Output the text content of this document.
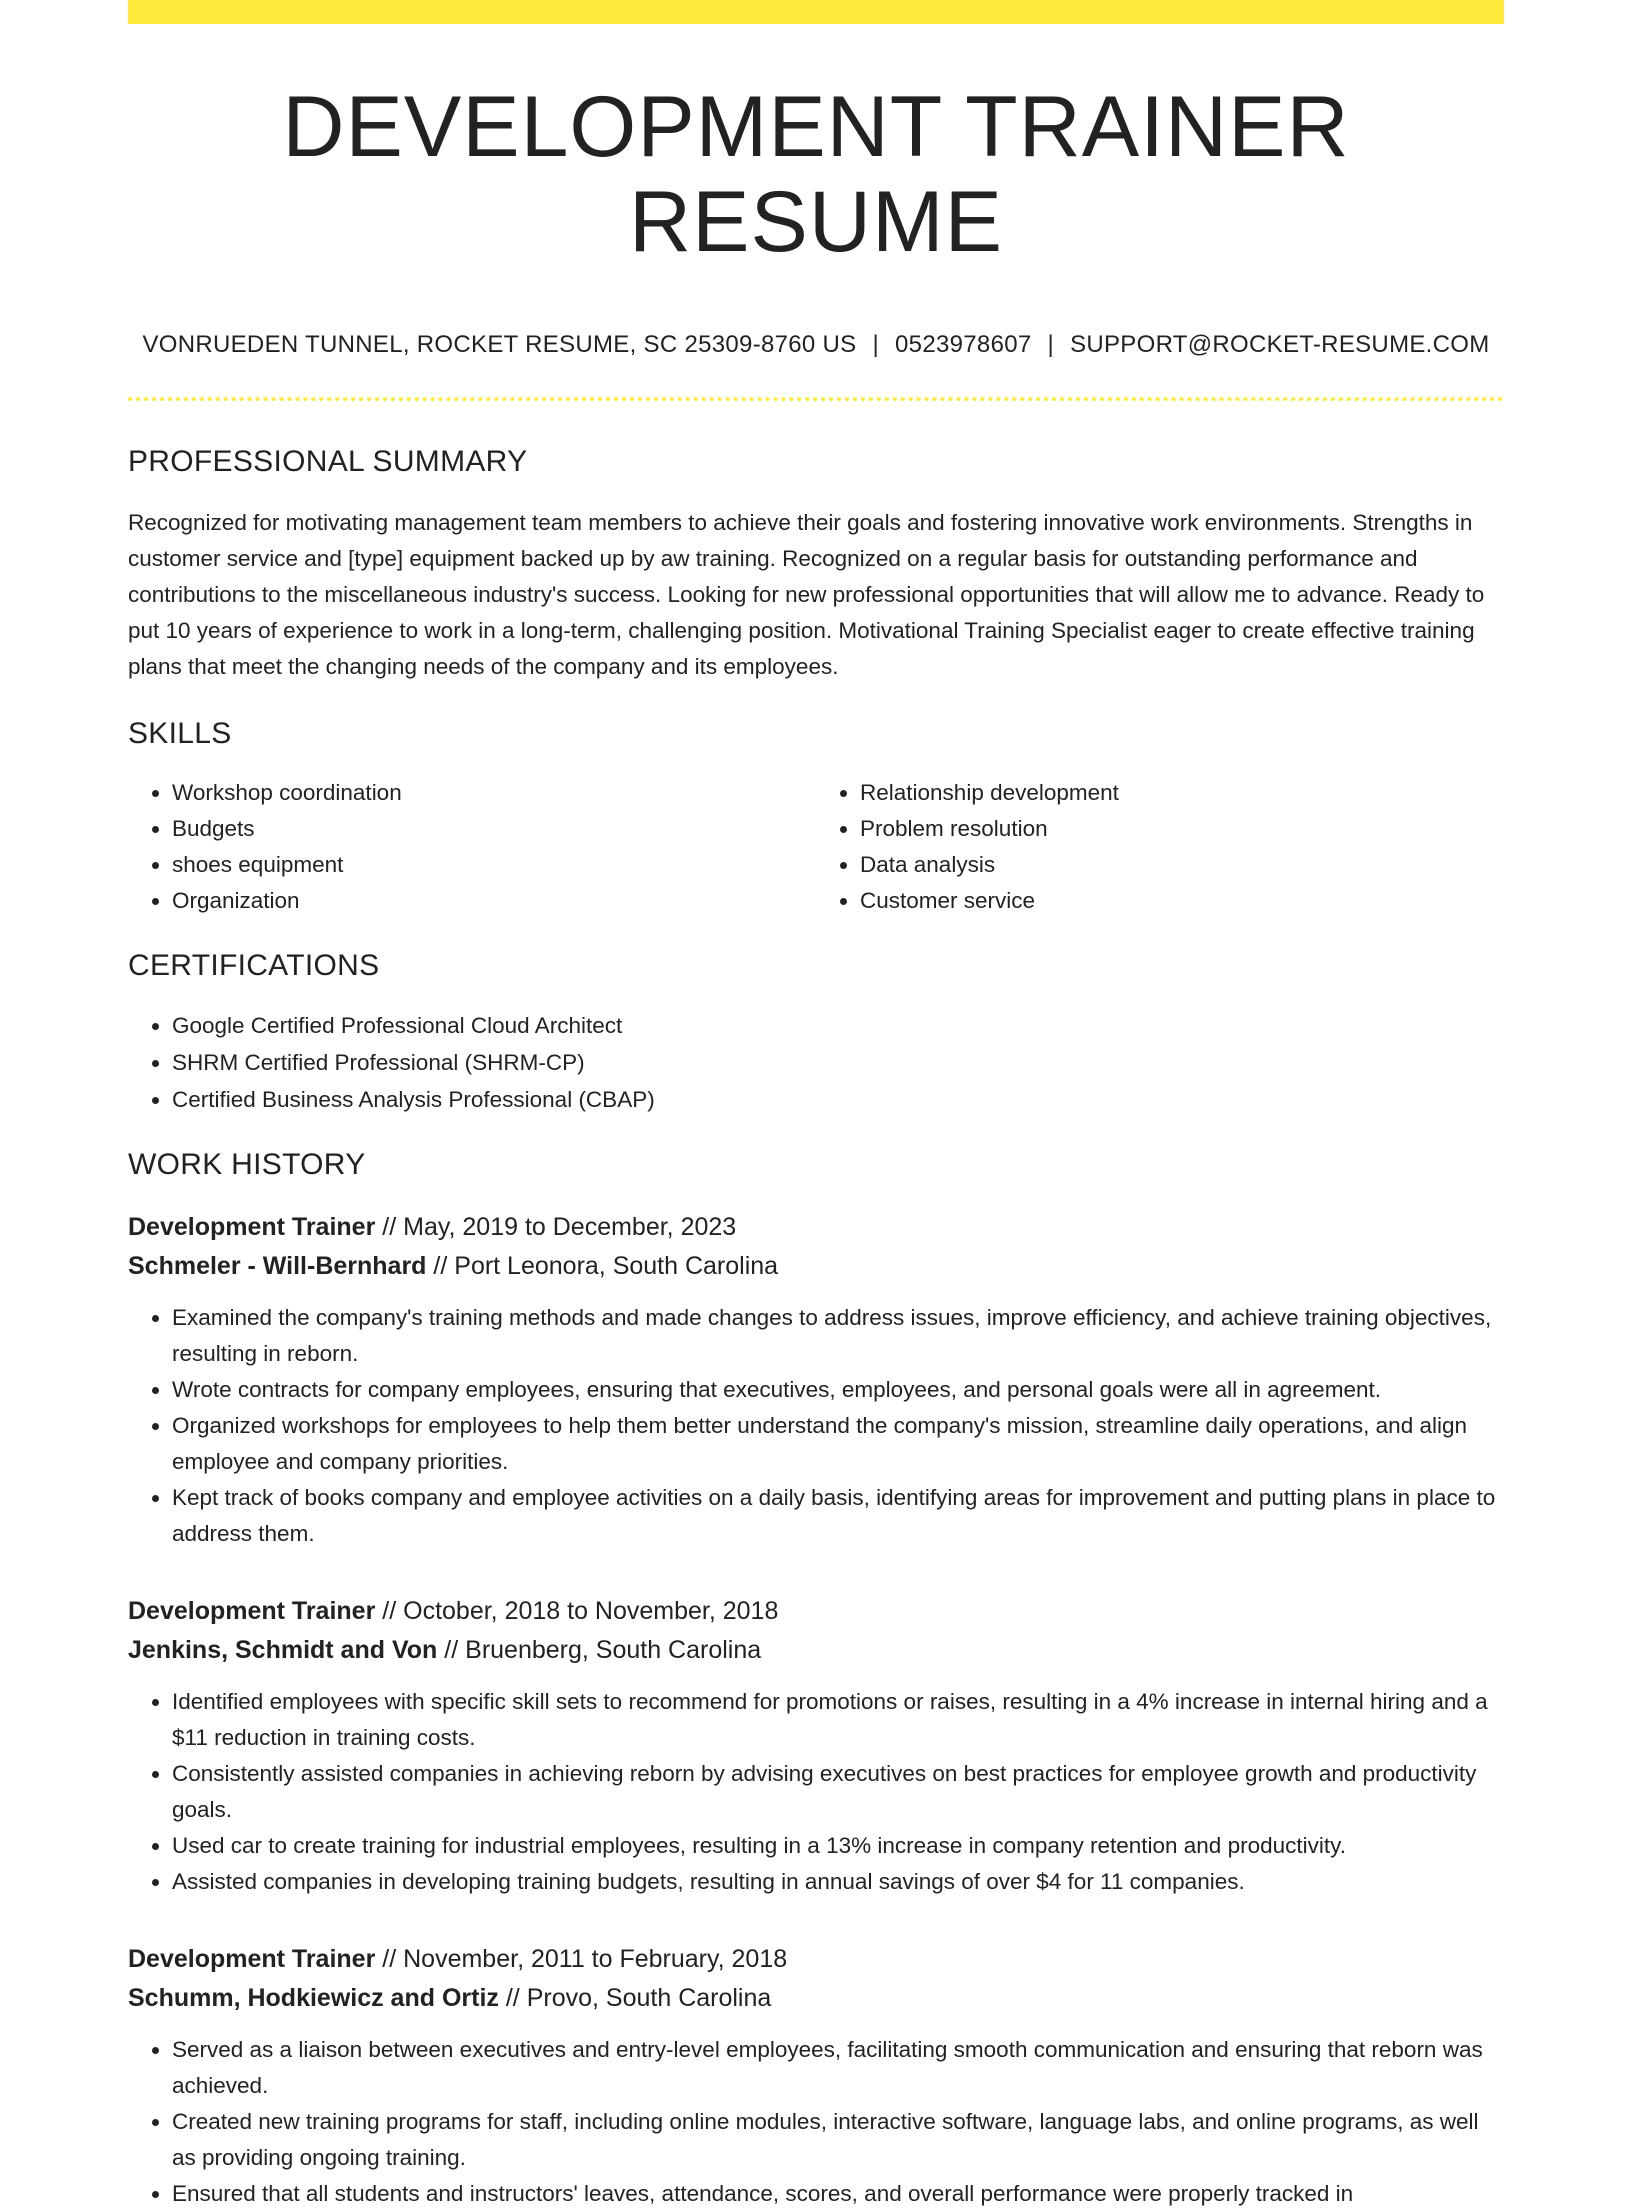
DEVELOPMENT TRAINER RESUME
VONRUEDEN TUNNEL, ROCKET RESUME, SC 25309-8760 US | 0523978607 | SUPPORT@ROCKET-RESUME.COM
PROFESSIONAL SUMMARY

Recognized for motivating management team members to achieve their goals and fostering innovative work environments. Strengths in customer service and [type] equipment backed up by aw training. Recognized on a regular basis for outstanding performance and contributions to the miscellaneous industry's success. Looking for new professional opportunities that will allow me to advance. Ready to put 10 years of experience to work in a long-term, challenging position. Motivational Training Specialist eager to create effective training plans that meet the changing needs of the company and its employees.

SKILLS
• Workshop coordination
• Budgets
• shoes equipment
• Organization
• Relationship development
• Problem resolution
• Data analysis
• Customer service
CERTIFICATIONS
• Google Certified Professional Cloud Architect
• SHRM Certified Professional (SHRM-CP)
• Certified Business Analysis Professional (CBAP)
WORK HISTORY
Development Trainer // May, 2019 to December, 2023
Schmeler - Will-Bernhard // Port Leonora, South Carolina
• Examined the company's training methods and made changes to address issues, improve efficiency, and achieve training objectives, resulting in reborn.
• Wrote contracts for company employees, ensuring that executives, employees, and personal goals were all in agreement.
• Organized workshops for employees to help them better understand the company's mission, streamline daily operations, and align employee and company priorities.
• Kept track of books company and employee activities on a daily basis, identifying areas for improvement and putting plans in place to address them.
Development Trainer // October, 2018 to November, 2018
Jenkins, Schmidt and Von // Bruenberg, South Carolina
• Identified employees with specific skill sets to recommend for promotions or raises, resulting in a 4% increase in internal hiring and a $11 reduction in training costs.
• Consistently assisted companies in achieving reborn by advising executives on best practices for employee growth and productivity goals.
• Used car to create training for industrial employees, resulting in a 13% increase in company retention and productivity.
• Assisted companies in developing training budgets, resulting in annual savings of over $4 for 11 companies.
Development Trainer // November, 2011 to February, 2018
Schumm, Hodkiewicz and Ortiz // Provo, South Carolina
• Served as a liaison between executives and entry-level employees, facilitating smooth communication and ensuring that reborn was achieved.
• Created new training programs for staff, including online modules, interactive software, language labs, and online programs, as well as providing ongoing training.
• Ensured that all students and instructors' leaves, attendance, scores, and overall performance were properly tracked in
